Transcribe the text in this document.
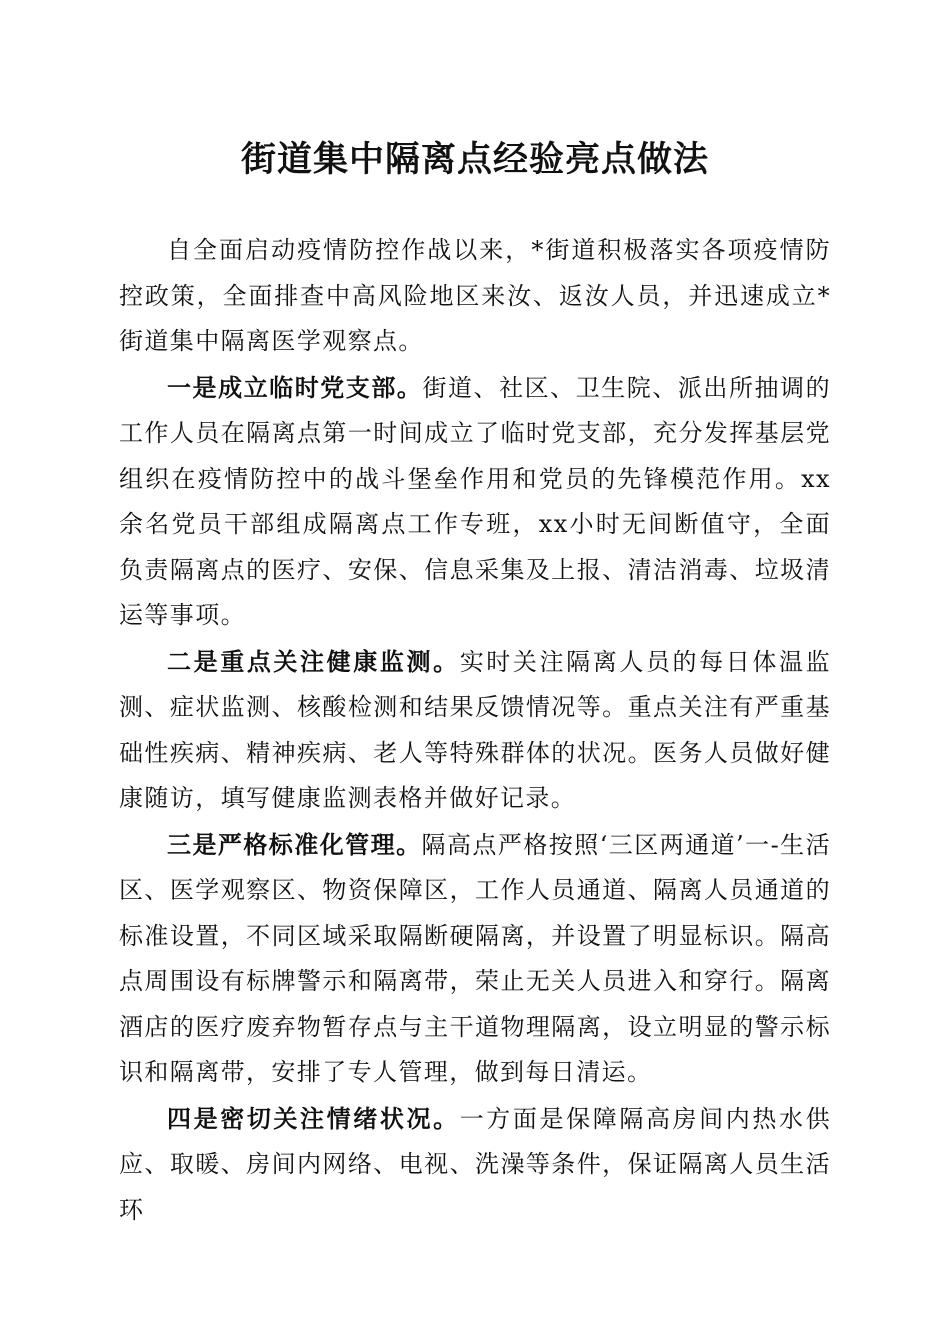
街道集中隔离点经验亮点做法

自全面启动疫情防控作战以来，*街道积极落实各项疫情防控政策，全面排查中高风险地区来汝、返汝人员，并迅速成立*街道集中隔离医学观察点。

一是成立临时党支部。街道、社区、卫生院、派出所抽调的工作人员在隔离点第一时间成立了临时党支部，充分发挥基层党组织在疫情防控中的战斗堡垒作用和党员的先锋模范作用。xx余名党员干部组成隔离点工作专班，xx小时无间断值守，全面负责隔离点的医疗、安保、信息采集及上报、清洁消毒、垃圾清运等事项。

二是重点关注健康监测。实时关注隔离人员的每日体温监测、症状监测、核酸检测和结果反馈情况等。重点关注有严重基础性疾病、精神疾病、老人等特殊群体的状况。医务人员做好健康随访，填写健康监测表格并做好记录。

三是严格标准化管理。隔高点严格按照‘三区两通道’一-生活区、医学观察区、物资保障区，工作人员通道、隔离人员通道的标准设置，不同区域采取隔断硬隔离，并设置了明显标识。隔高点周围设有标牌警示和隔离带，荣止无关人员进入和穿行。隔离酒店的医疗废弃物暂存点与主干道物理隔离，设立明显的警示标识和隔离带，安排了专人管理，做到每日清运。

四是密切关注情绪状况。一方面是保障隔高房间内热水供应、取暖、房间内网络、电视、洗澡等条件，保证隔离人员生活环
